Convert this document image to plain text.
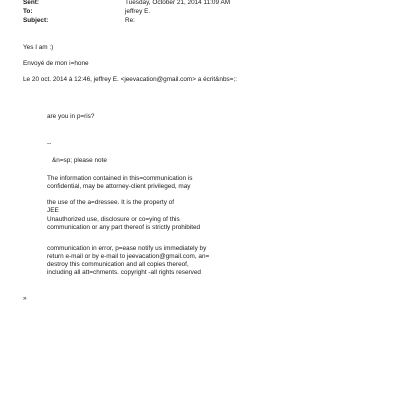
Sent:	Tuesday, October 21, 2014 11:09 AM
To:	jeffrey E.
Subject:	Re:
Yes I am :)
Envoyé de mon i=hone
Le 20 oct. 2014 à 12:46, jeffrey E. <jeevacation@gmail.com> a écrit&nbs=;:
are you in p=ris?
--
&n=sp; please note
The information contained in this=communication is
confidential, may be attorney-client privileged, may
the use of the a=dressee. It is the property of
JEE
Unauthorized use, disclosure or co=ying of this
communication or any part thereof is strictly prohibited
communication in error, p=ease notify us immediately by
return e-mail or by e-mail to jeevacation@gmail.com, an=
destroy this communication and all copies thereof,
including all att=chments. copyright -all rights reserved
»
